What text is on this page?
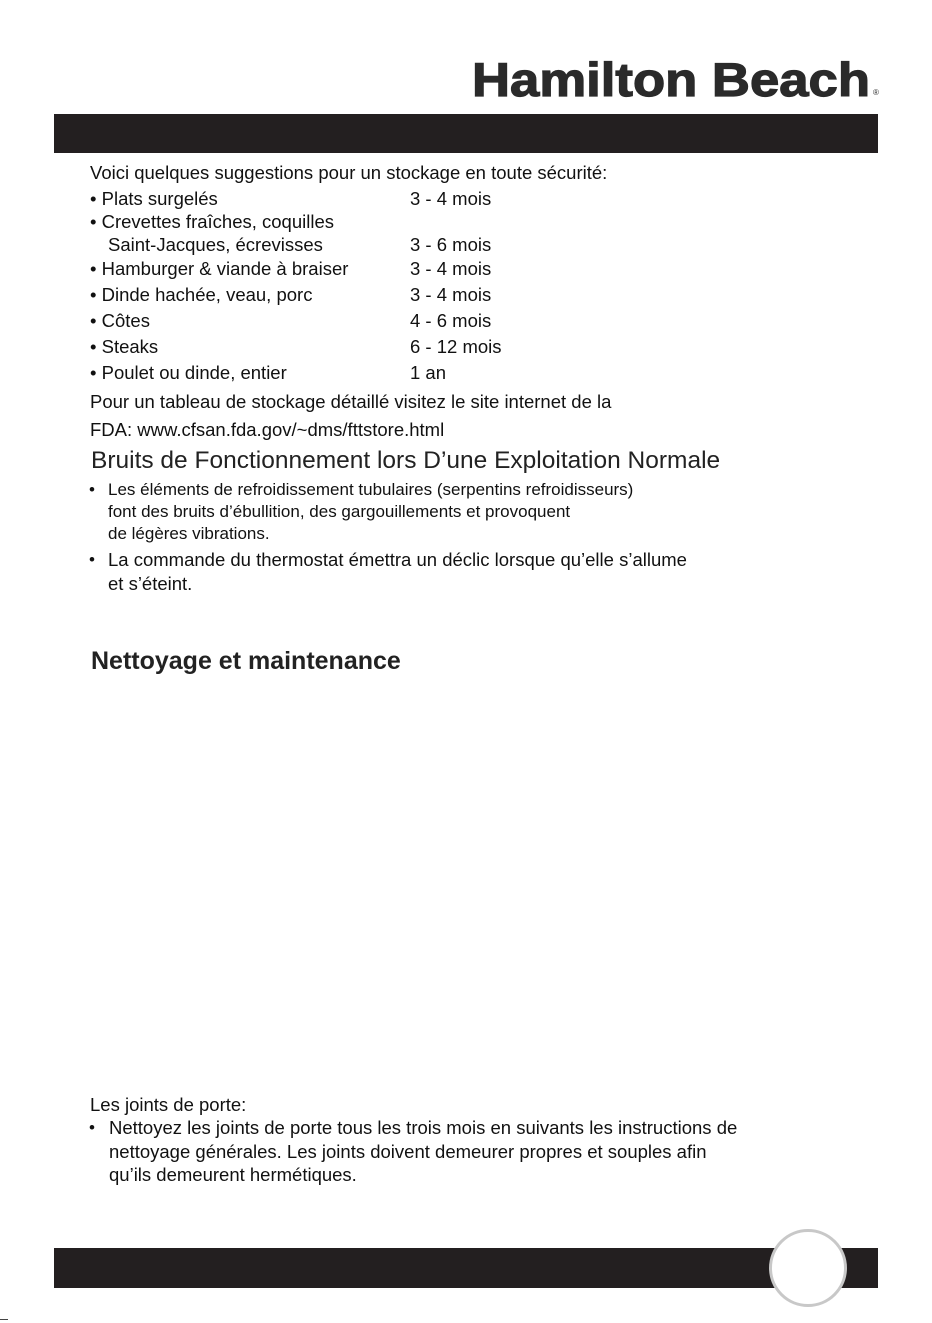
Hamilton Beach ®
Voici quelques suggestions pour un stockage en toute sécurité:
• Plats surgelés	3 - 4 mois
• Crevettes fraîches, coquilles
Saint-Jacques, écrevisses	3 - 6 mois
• Hamburger & viande à braiser	3 - 4 mois
• Dinde hachée, veau, porc	3 - 4 mois
• Côtes	4 - 6 mois
• Steaks	6 - 12 mois
• Poulet ou dinde, entier	1 an
Pour un tableau de stockage détaillé visitez le site internet de la
FDA: www.cfsan.fda.gov/~dms/fttstore.html
Bruits de Fonctionnement lors D’une Exploitation Normale
• Les éléments de refroidissement tubulaires (serpentins refroidisseurs)
font des bruits d’ébullition, des gargouillements et provoquent
de légères vibrations.
• La commande du thermostat émettra un déclic lorsque qu’elle s’allume
et s’éteint.
Nettoyage et maintenance
Les joints de porte:
• Nettoyez les joints de porte tous les trois mois en suivants les instructions de
nettoyage générales. Les joints doivent demeurer propres et souples afin
qu’ils demeurent hermétiques.
